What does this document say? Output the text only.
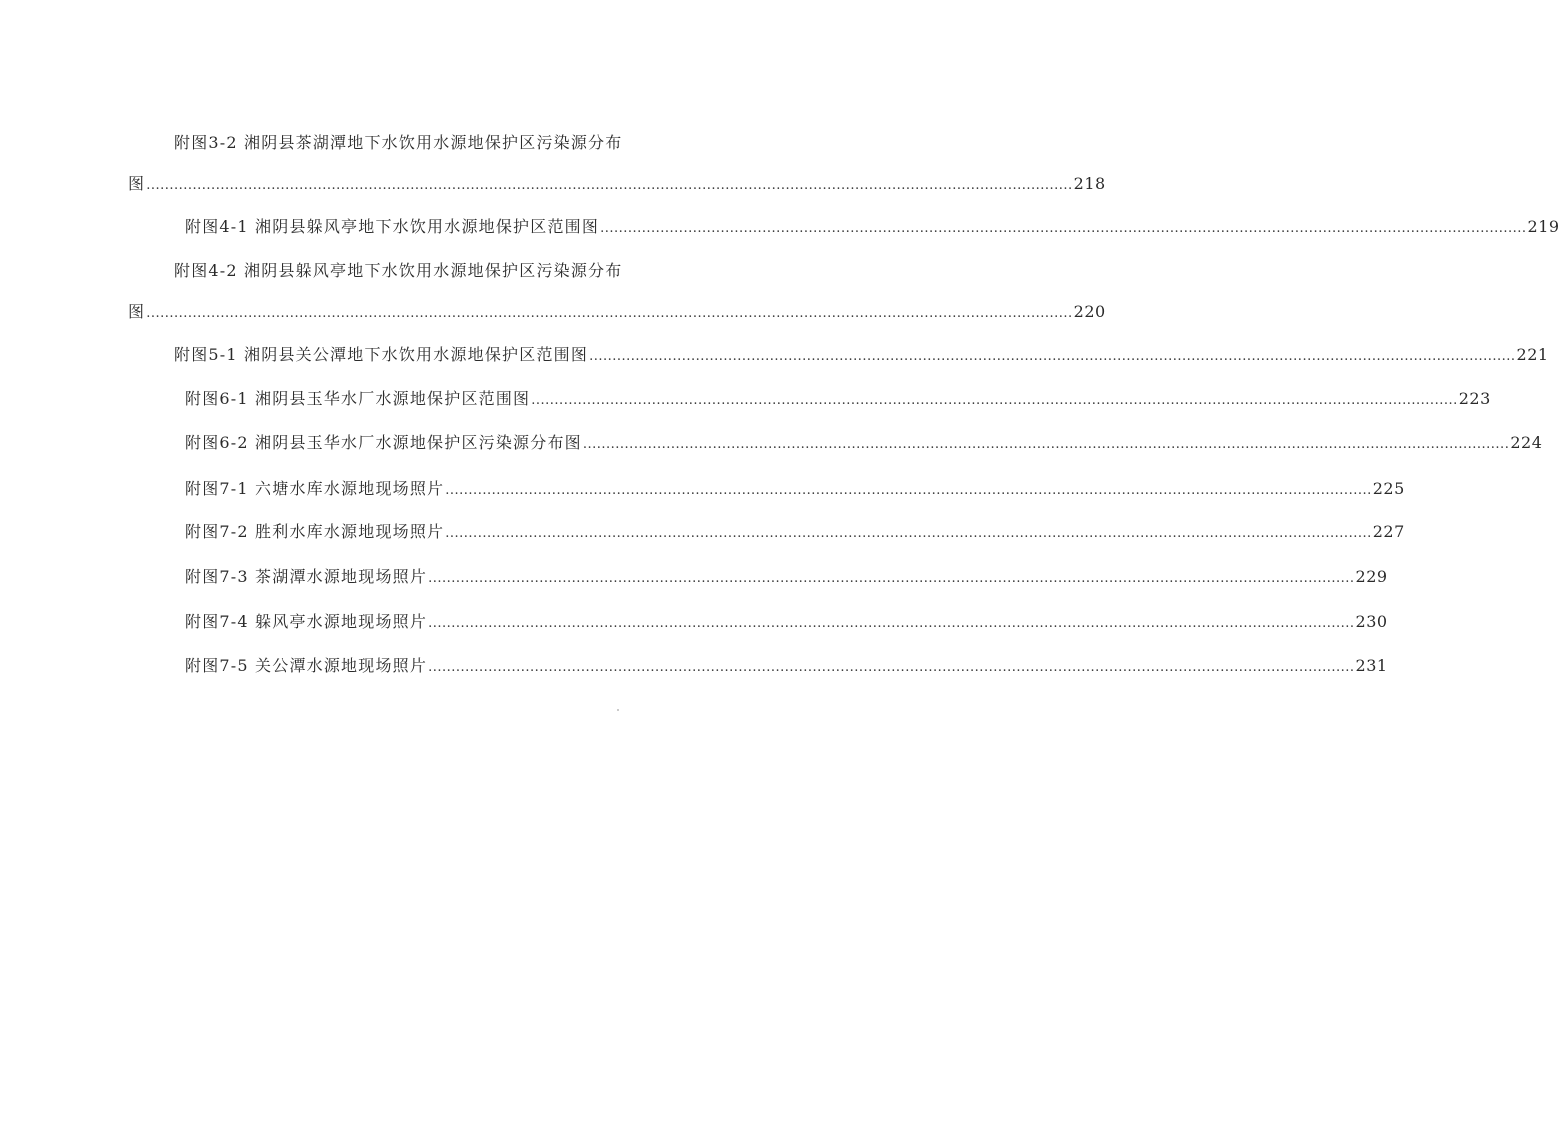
附图3-2 湘阴县茶湖潭地下水饮用水源地保护区污染源分布
图 ........................................................................................................................................................................................................ 218
附图4-1 湘阴县躲风亭地下水饮用水源地保护区范围图 ........................................................................................................................................................................................................ 219
附图4-2 湘阴县躲风亭地下水饮用水源地保护区污染源分布
图 ........................................................................................................................................................................................................ 220
附图5-1 湘阴县关公潭地下水饮用水源地保护区范围图 ........................................................................................................................................................................................................ 221
附图6-1 湘阴县玉华水厂水源地保护区范围图 ........................................................................................................................................................................................................ 223
附图6-2 湘阴县玉华水厂水源地保护区污染源分布图 ........................................................................................................................................................................................................ 224
附图7-1 六塘水库水源地现场照片 ........................................................................................................................................................................................................ 225
附图7-2 胜利水库水源地现场照片 ........................................................................................................................................................................................................ 227
附图7-3 茶湖潭水源地现场照片 ........................................................................................................................................................................................................ 229
附图7-4 躲风亭水源地现场照片 ........................................................................................................................................................................................................ 230
附图7-5 关公潭水源地现场照片 ........................................................................................................................................................................................................ 231
